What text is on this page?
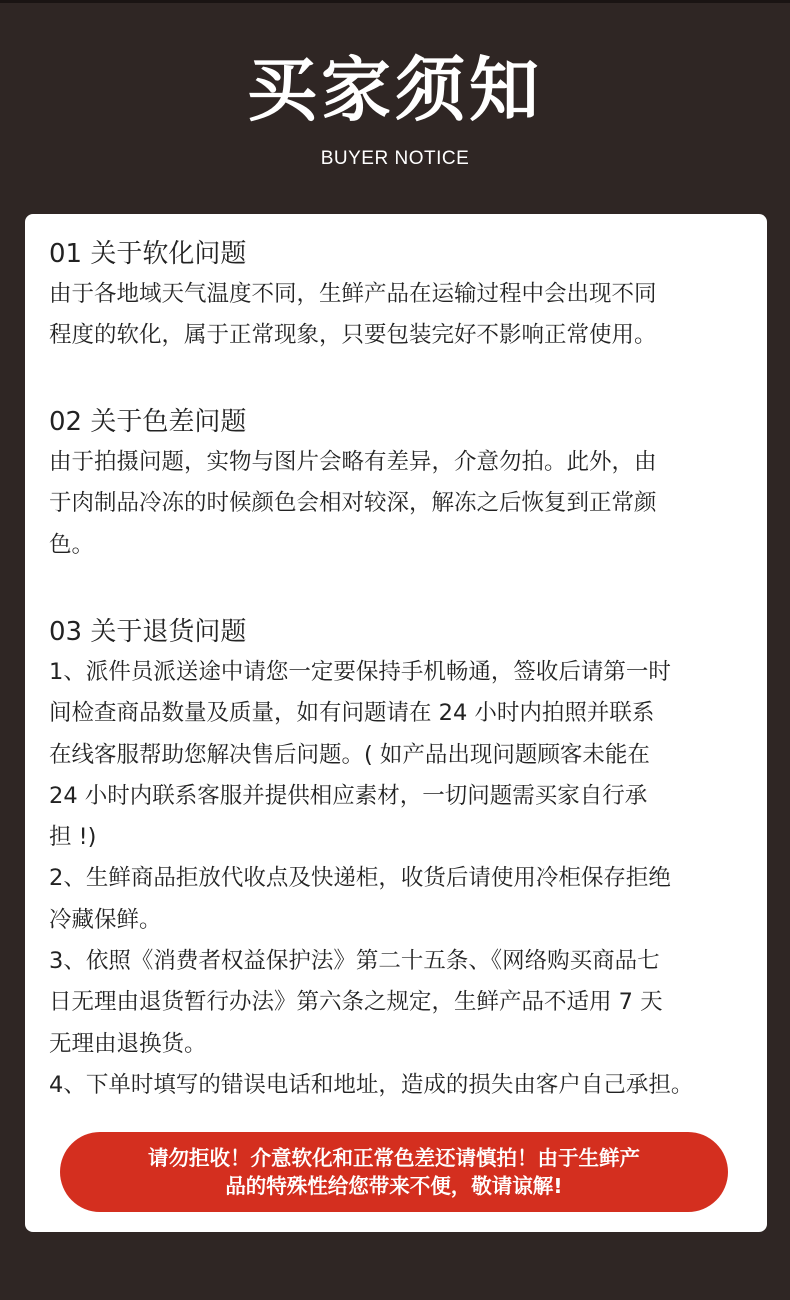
买家须知
BUYER NOTICE
01 关于软化问题
由于各地域天气温度不同，生鲜产品在运输过程中会出现不同
程度的软化，属于正常现象，只要包装完好不影响正常使用。
02 关于色差问题
由于拍摄问题，实物与图片会略有差异，介意勿拍。此外，由
于肉制品冷冻的时候颜色会相对较深，解冻之后恢复到正常颜
色。
03 关于退货问题

1、派件员派送途中请您一定要保持手机畅通，签收后请第一时
间检查商品数量及质量，如有问题请在 24 小时内拍照并联系
在线客服帮助您解决售后问题。( 如产品出现问题顾客未能在
24 小时内联系客服并提供相应素材，一切问题需买家自行承
担 !)

2、生鲜商品拒放代收点及快递柜，收货后请使用冷柜保存拒绝
冷藏保鲜。

3、依照《消费者权益保护法》第二十五条、《网络购买商品七
日无理由退货暂行办法》第六条之规定，生鲜产品不适用 7 天
无理由退换货。

4、下单时填写的错误电话和地址，造成的损失由客户自己承担。

请勿拒收！介意软化和正常色差还请慎拍！由于生鲜产
品的特殊性给您带来不便，敬请谅解!
